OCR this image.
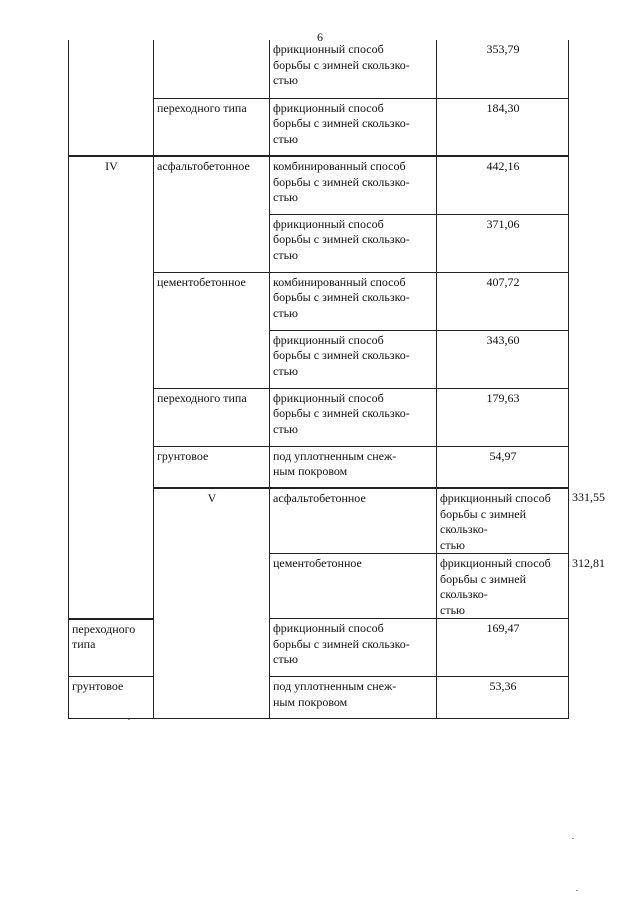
6
		фрикционный способ
борьбы с зимней скользко-
стью	353,79	
	переходного типа	фрикционный способ
борьбы с зимней скользко-
стью	184,30	
IV	асфальтобетонное	комбинированный способ
борьбы с зимней скользко-
стью	442,16	
		фрикционный способ
борьбы с зимней скользко-
стью	371,06	
	цементобетонное	комбинированный способ
борьбы с зимней скользко-
стью	407,72	
		фрикционный способ
борьбы с зимней скользко-
стью	343,60	
	переходного типа	фрикционный способ
борьбы с зимней скользко-
стью	179,63	
	грунтовое	под уплотненным снеж-
ным покровом	54,97	
	V	асфальтобетонное	фрикционный способ
борьбы с зимней скользко-
стью	331,55
		цементобетонное	фрикционный способ
борьбы с зимней скользко-
стью	312,81
переходного типа		фрикционный способ
борьбы с зимней скользко-
стью	169,47	
грунтовое		под уплотненным снеж-
ным покровом	53,36	
